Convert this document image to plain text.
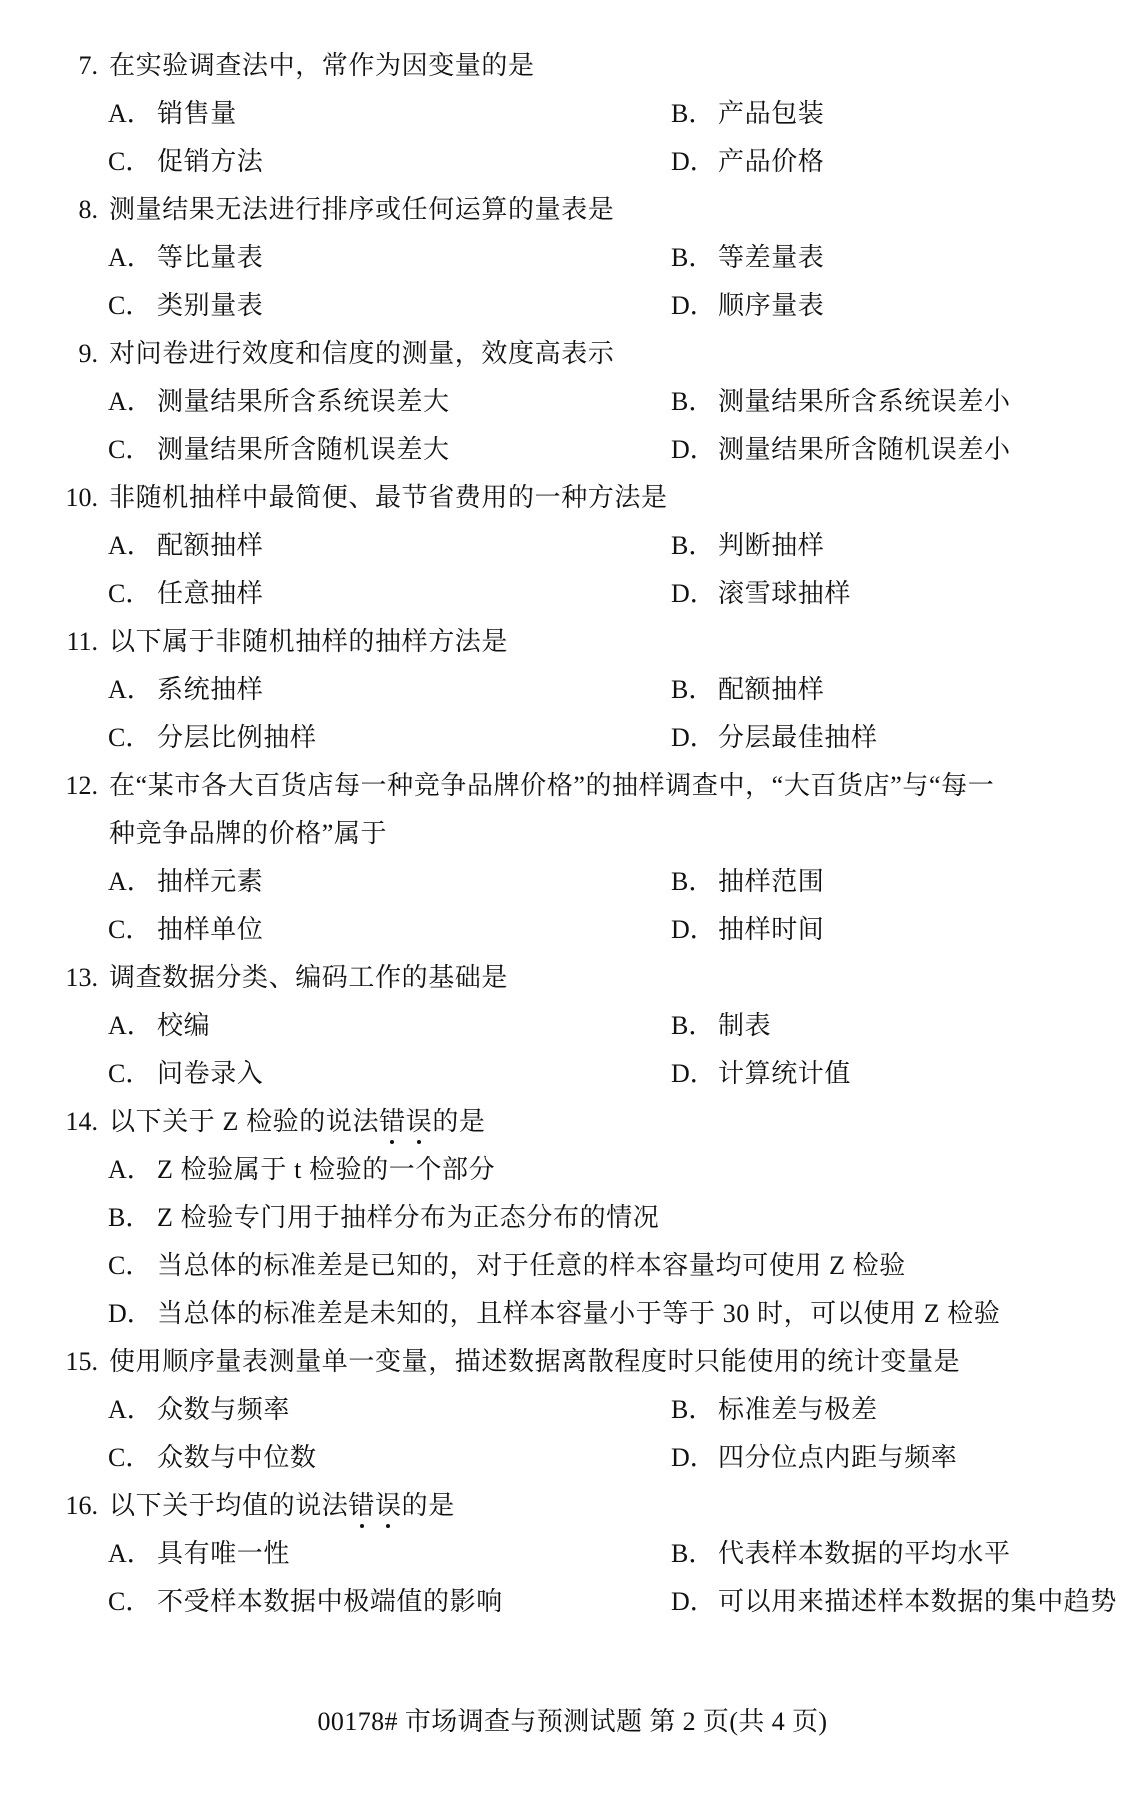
7. 在实验调查法中，常作为因变量的是
A． 销售量	B． 产品包装
C． 促销方法	D． 产品价格
8. 测量结果无法进行排序或任何运算的量表是
A． 等比量表	B． 等差量表
C． 类别量表	D． 顺序量表
9. 对问卷进行效度和信度的测量，效度高表示
A． 测量结果所含系统误差大	B． 测量结果所含系统误差小
C． 测量结果所含随机误差大	D． 测量结果所含随机误差小
10. 非随机抽样中最简便、最节省费用的一种方法是
A． 配额抽样	B． 判断抽样
C． 任意抽样	D． 滚雪球抽样
11. 以下属于非随机抽样的抽样方法是
A． 系统抽样	B． 配额抽样
C． 分层比例抽样	D． 分层最佳抽样
12. 在“某市各大百货店每一种竞争品牌价格”的抽样调查中，“大百货店”与“每一
种竞争品牌的价格”属于
A． 抽样元素	B． 抽样范围
C． 抽样单位	D． 抽样时间
13. 调查数据分类、编码工作的基础是
A． 校编	B． 制表
C． 问卷录入	D． 计算统计值
14. 以下关于 Z 检验的说法错误的是
A． Z 检验属于 t 检验的一个部分
B． Z 检验专门用于抽样分布为正态分布的情况
C． 当总体的标准差是已知的，对于任意的样本容量均可使用 Z 检验
D． 当总体的标准差是未知的，且样本容量小于等于 30 时，可以使用 Z 检验
15. 使用顺序量表测量单一变量，描述数据离散程度时只能使用的统计变量是
A． 众数与频率	B． 标准差与极差
C． 众数与中位数	D． 四分位点内距与频率
16. 以下关于均值的说法错误的是
A． 具有唯一性	B． 代表样本数据的平均水平
C． 不受样本数据中极端值的影响	D． 可以用来描述样本数据的集中趋势
00178# 市场调查与预测试题 第 2 页(共 4 页)
